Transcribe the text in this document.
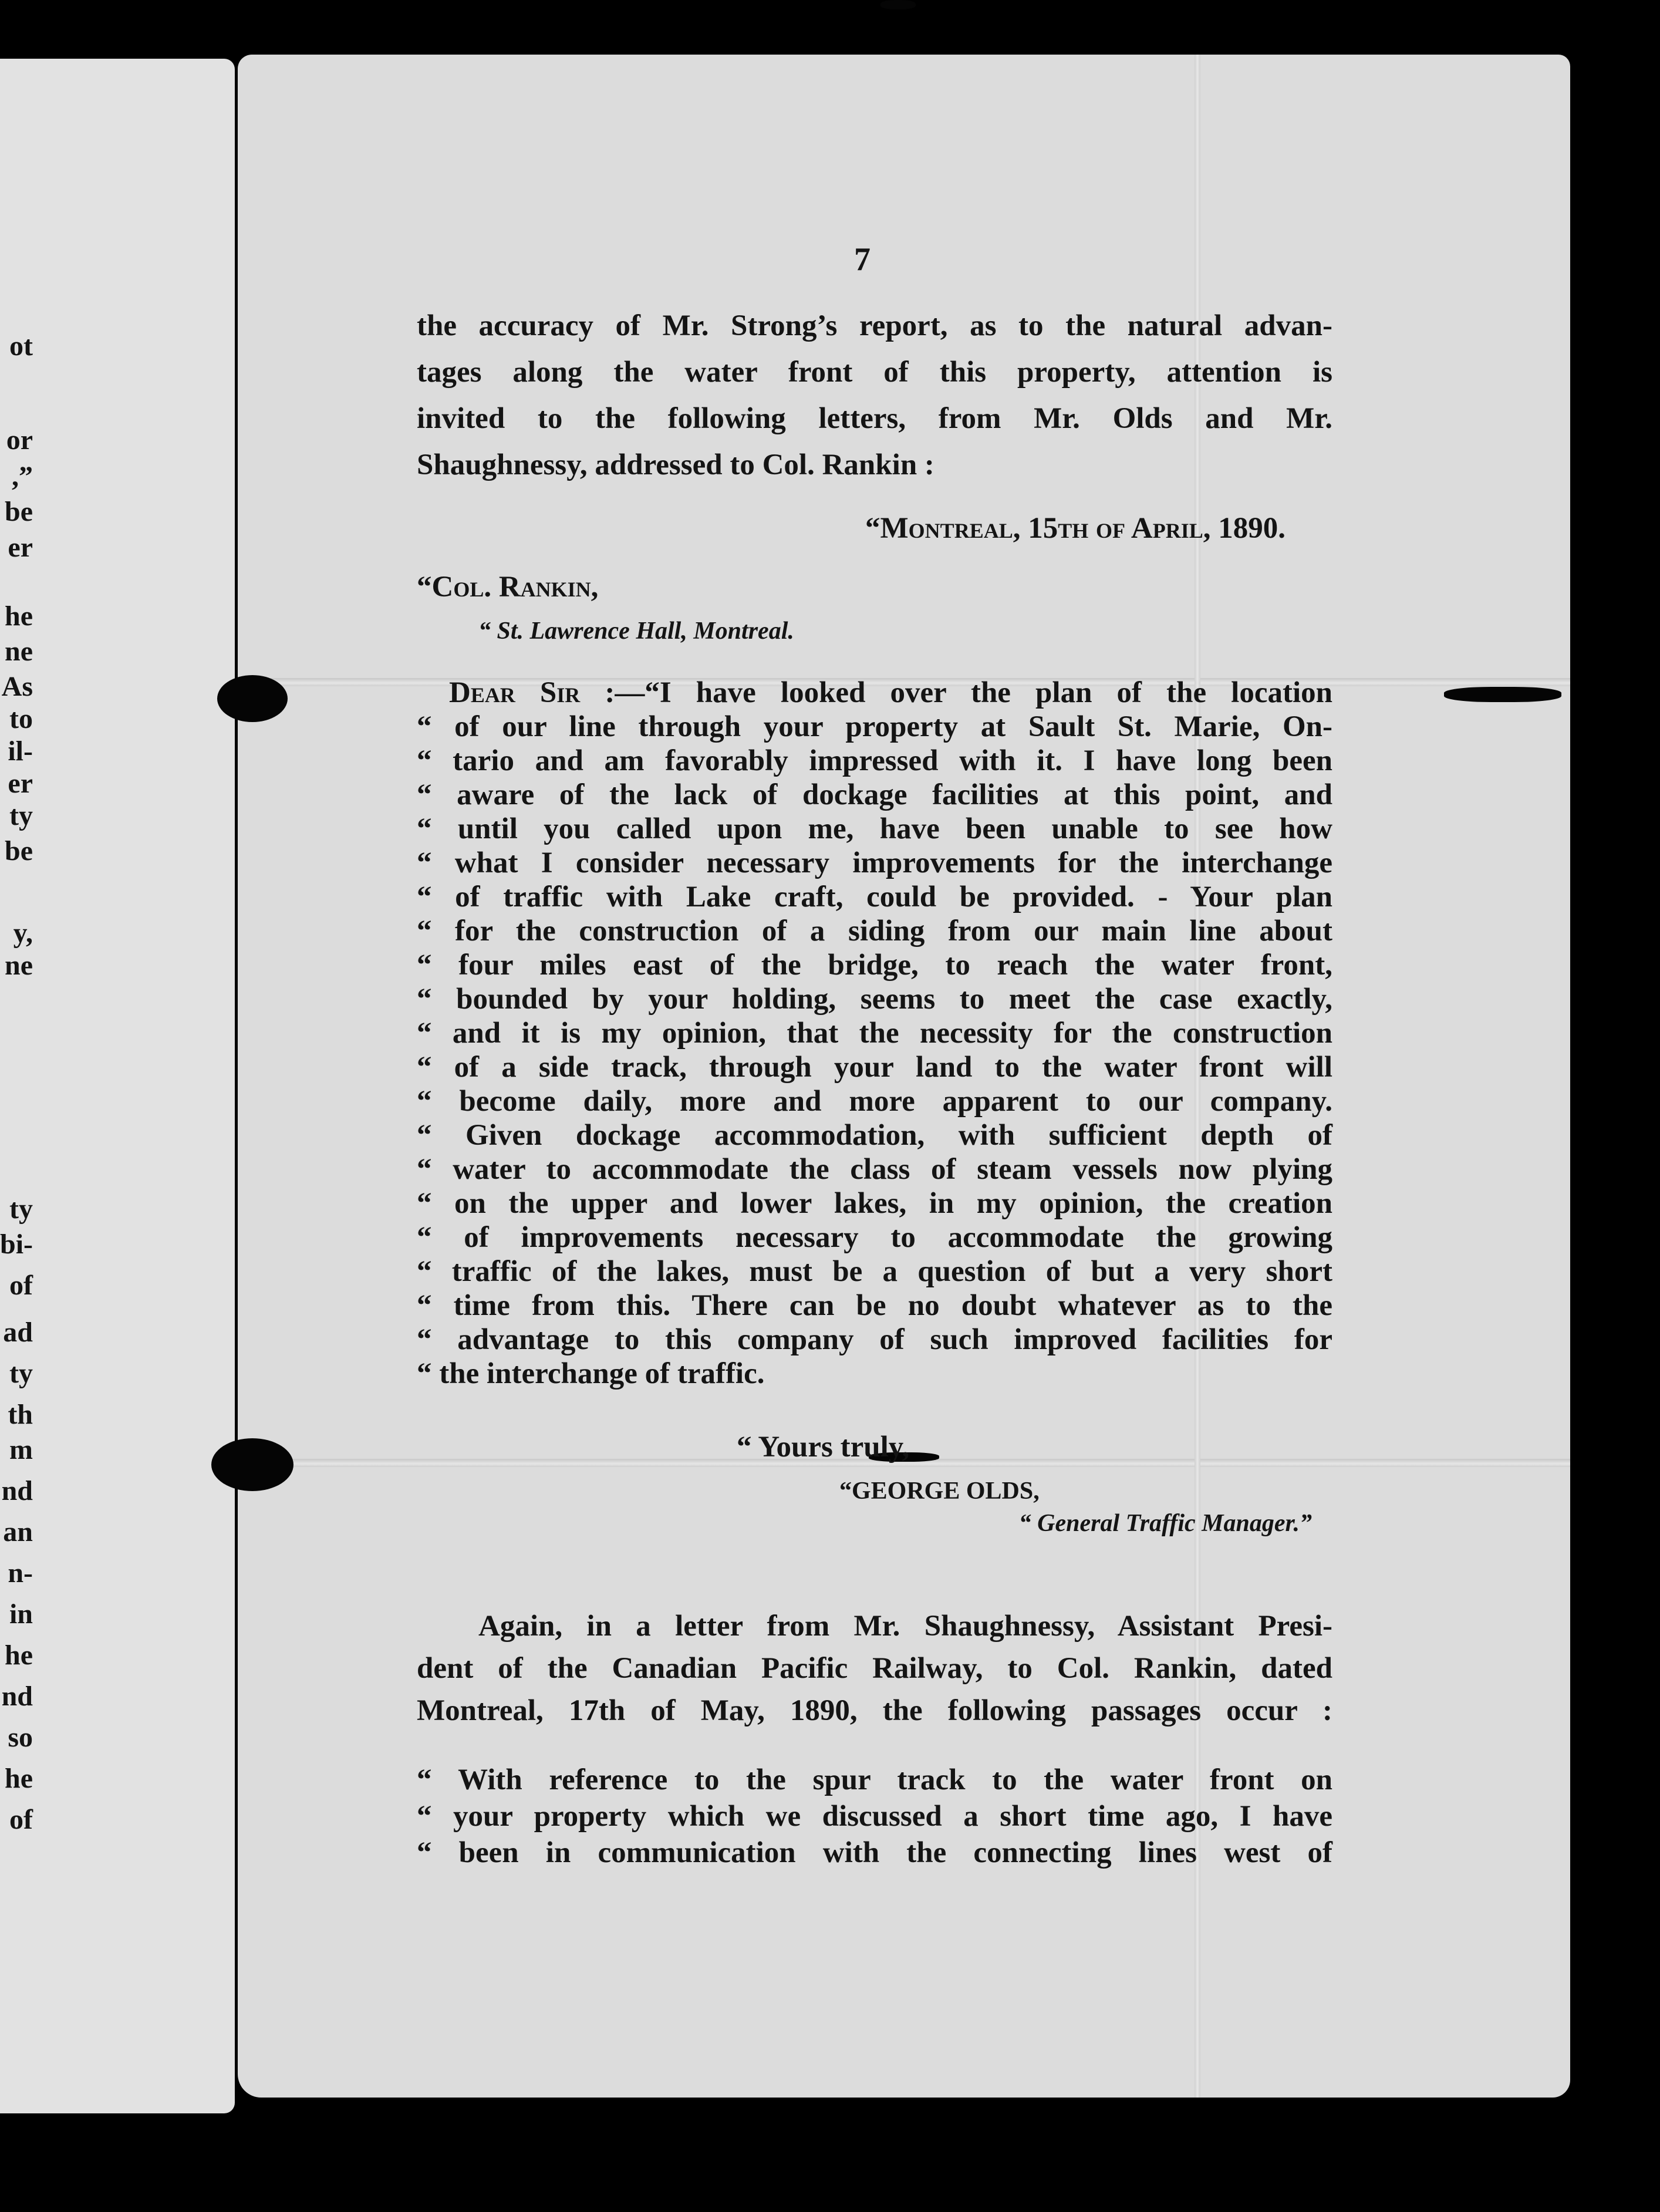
ot
or
,”
be
er
he
ne
As
to
il-
er
ty
be
y,
ne
ty
bi-
of
ad
ty
th
m
nd
an
n-
in
he
nd
so
he
of
7
the accuracy of Mr. Strong’s report, as to the natural advan-
tages along the water front of this property, attention is
invited to the following letters, from Mr. Olds and Mr.
Shaughnessy, addressed to Col. Rankin :
“Montreal, 15th of April, 1890.
“Col. Rankin,
“ St. Lawrence Hall, Montreal.
Dear Sir :—“I have looked over the plan of the location
“ of our line through your property at Sault St. Marie, On-
“ tario and am favorably impressed with it. I have long been
“ aware of the lack of dockage facilities at this point, and
“ until you called upon me, have been unable to see how
“ what I consider necessary improvements for the interchange
“ of traffic with Lake craft, could be provided. - Your plan
“ for the construction of a siding from our main line about
“ four miles east of the bridge, to reach the water front,
“ bounded by your holding, seems to meet the case exactly,
“ and it is my opinion, that the necessity for the construction
“ of a side track, through your land to the water front will
“ become daily, more and more apparent to our company.
“ Given dockage accommodation, with sufficient depth of
“ water to accommodate the class of steam vessels now plying
“ on the upper and lower lakes, in my opinion, the creation
“ of improvements necessary to accommodate the growing
“ traffic of the lakes, must be a question of but a very short
“ time from this. There can be no doubt whatever as to the
“ advantage to this company of such improved facilities for
“ the interchange of traffic.
“ Yours truly,
“GEORGE OLDS,
“ General Traffic Manager.”
Again, in a letter from Mr. Shaughnessy, Assistant Presi-
dent of the Canadian Pacific Railway, to Col. Rankin, dated
Montreal, 17th of May, 1890, the following passages occur :
“ With reference to the spur track to the water front on
“ your property which we discussed a short time ago, I have
“ been in communication with the connecting lines west of
